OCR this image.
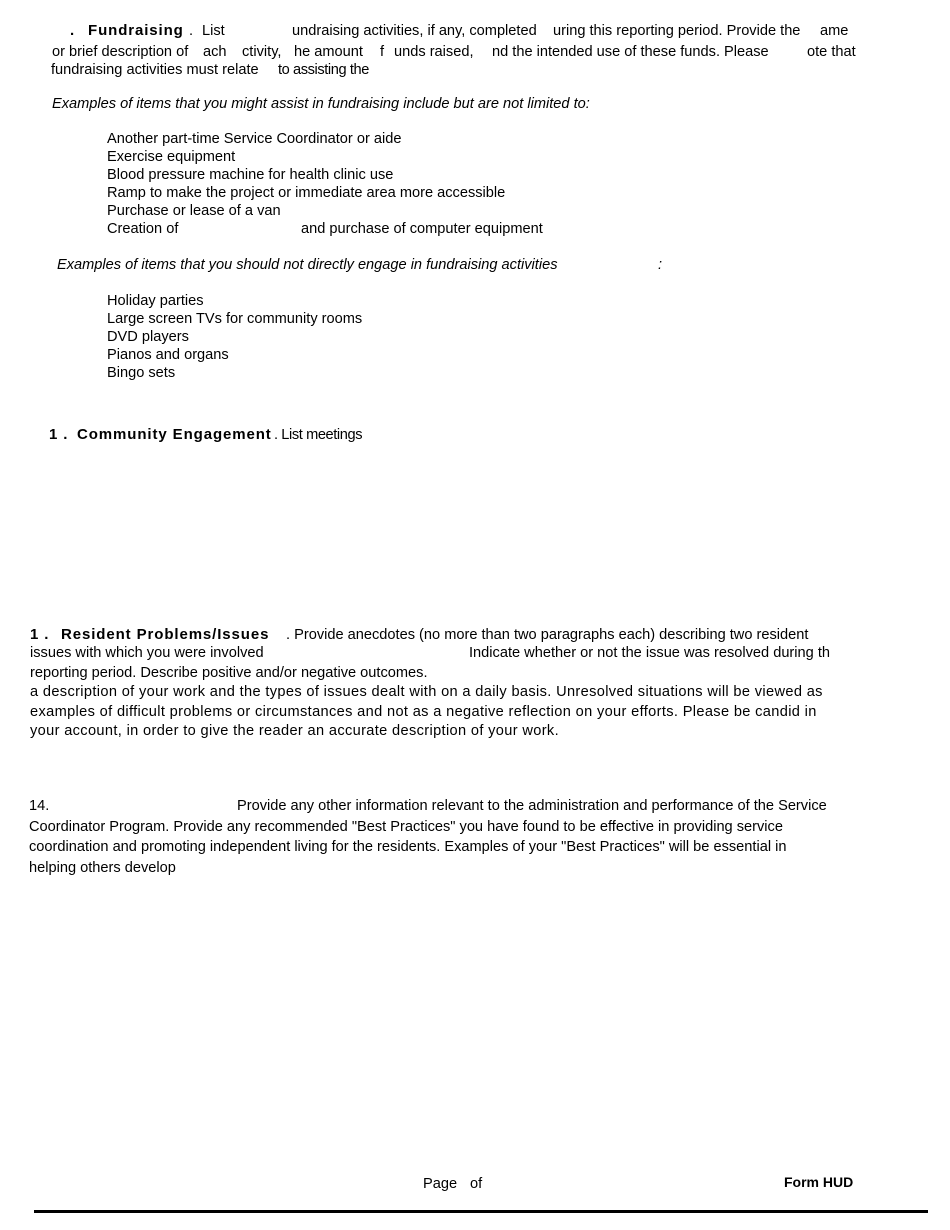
. Fundraising . List	undraising activities, if any, completed uring this reporting period. Provide the ame
or brief description of ach ctivity, he amount f unds raised, nd the intended use of these funds. Please	ote that
fundraising activities must relate to assisting the
Examples of items that you might assist in fundraising include but are not limited to:
Another part-time Service Coordinator or aide
Exercise equipment
Blood pressure machine for health clinic use
Ramp to make the project or immediate area more accessible
Purchase or lease of a van
Creation of	and purchase of computer equipment
Examples of items that you should not directly engage in fundraising activities	:
Holiday parties
Large screen TVs for community rooms
DVD players
Pianos and organs
Bingo sets
1 . Community Engagement . List meetings
1 . Resident Problems/Issues . Provide anecdotes (no more than two paragraphs each) describing two resident
issues with which you were involved	Indicate whether or not the issue was resolved during th
reporting period. Describe positive and/or negative outcomes.
a description of your work and the types of issues dealt with on a daily basis. Unresolved situations will be viewed as
examples of difficult problems or circumstances and not as a negative reflection on your efforts. Please be candid in
your account, in order to give the reader an accurate description of your work.
14.	Provide any other information relevant to the administration and performance of the Service
Coordinator Program. Provide any recommended "Best Practices" you have found to be effective in providing service
coordination and promoting independent living for the residents. Examples of your "Best Practices" will be essential in
helping others develop
Page of	Form HUD
